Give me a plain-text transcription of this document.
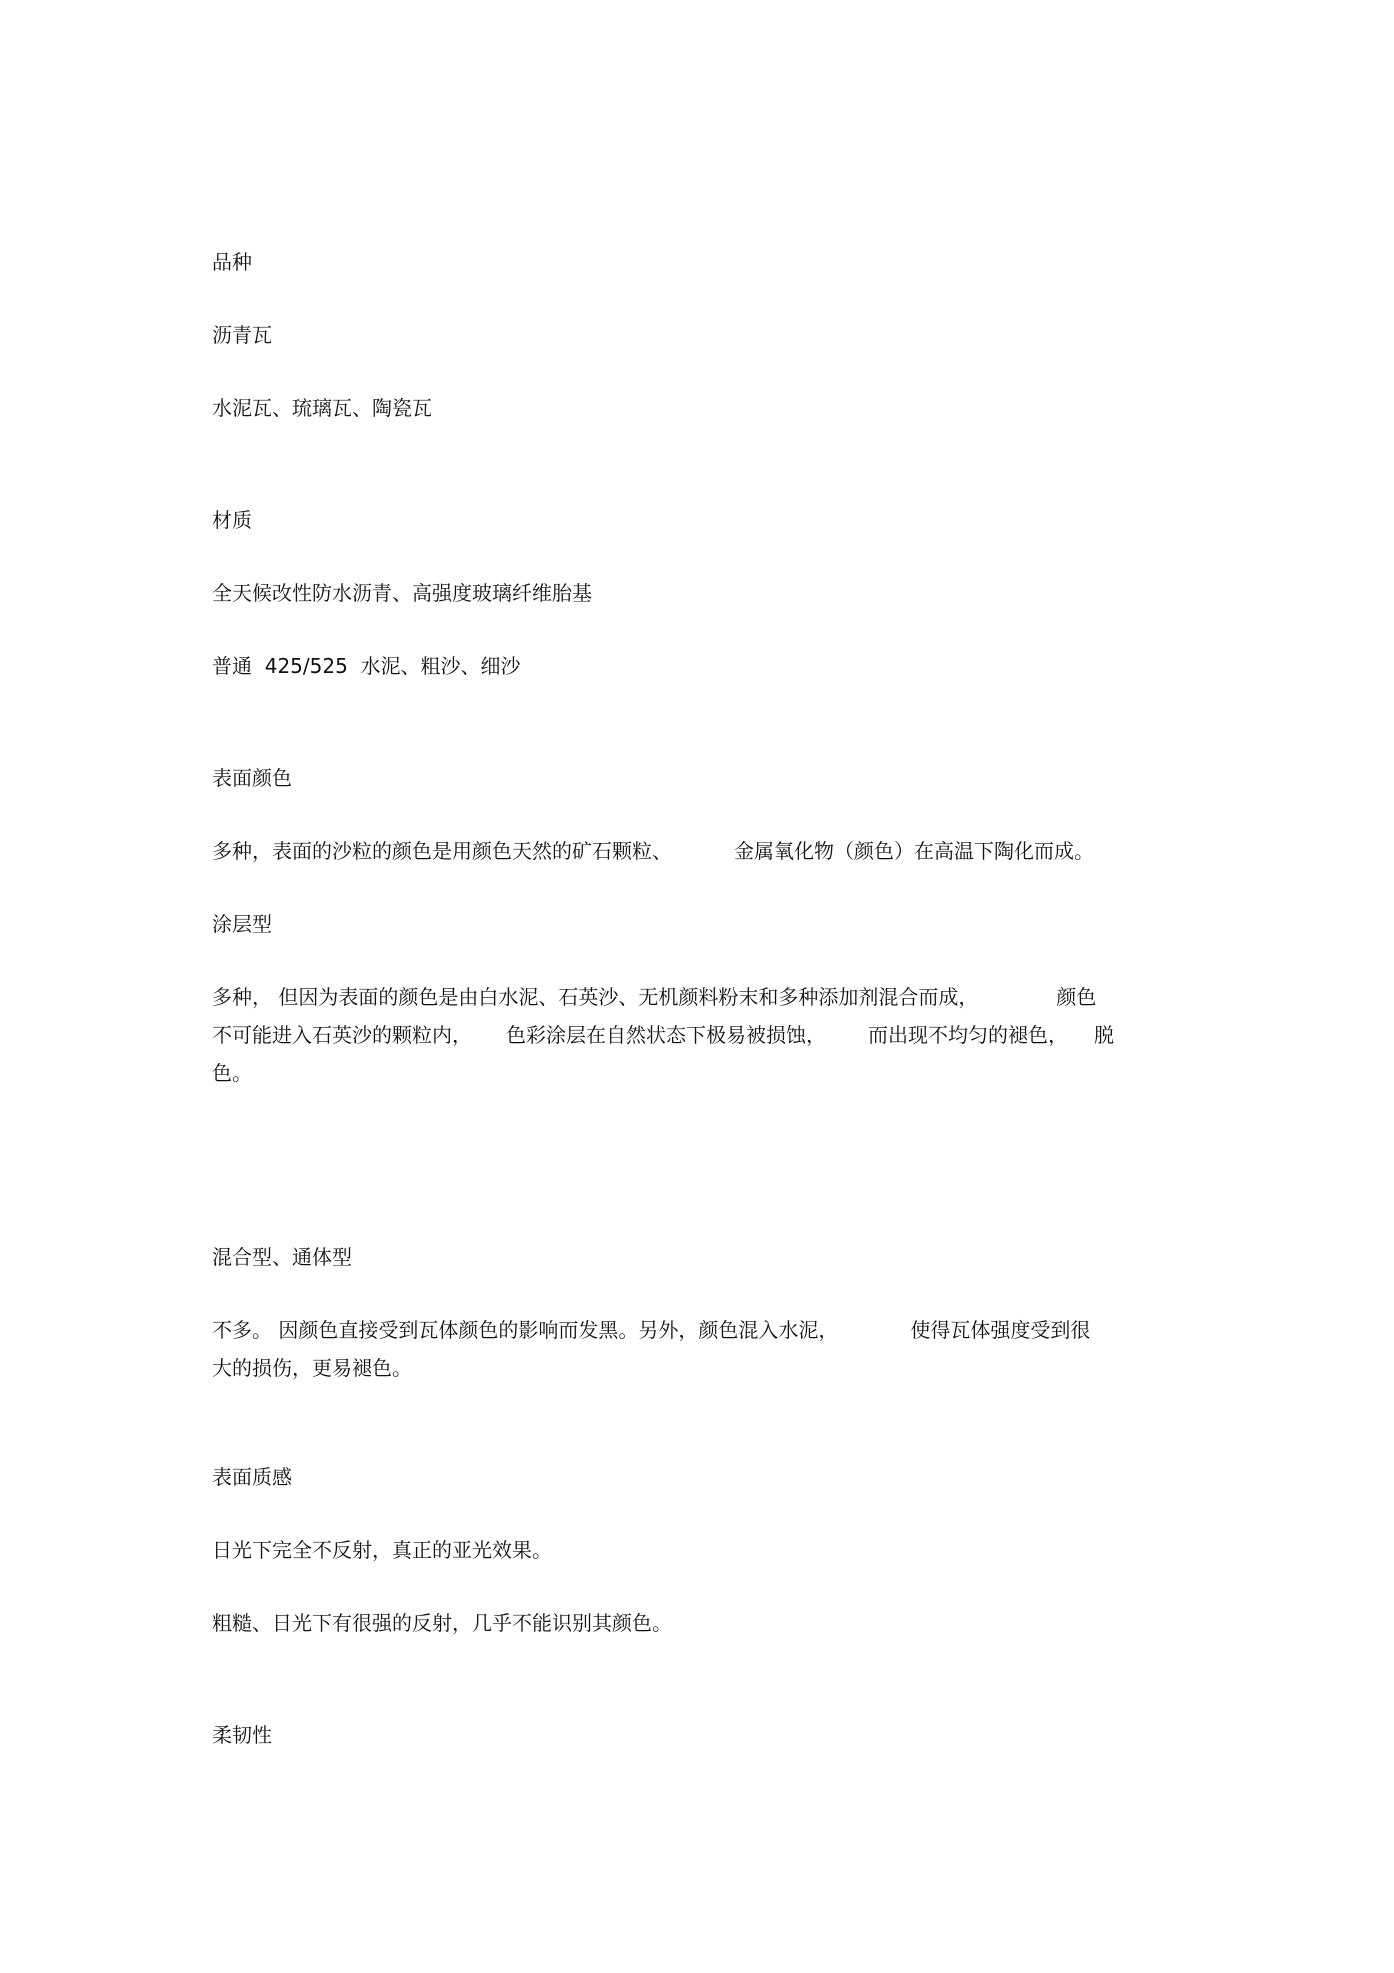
品种

沥青瓦

水泥瓦、琉璃瓦、陶瓷瓦

材质

全天候改性防水沥青、高强度玻璃纤维胎基

普通  425/525  水泥、粗沙、细沙

表面颜色

多种，表面的沙粒的颜色是用颜色天然的矿石颗粒、	金属氧化物（颜色）在高温下陶化而成。

涂层型

多种， 但因为表面的颜色是由白水泥、石英沙、无机颜料粉末和多种添加剂混合而成，	颜色
不可能进入石英沙的颗粒内， 色彩涂层在自然状态下极易被损蚀， 而出现不均匀的褪色， 脱
色。

混合型、通体型

不多。 因颜色直接受到瓦体颜色的影响而发黑。另外，颜色混入水泥，	使得瓦体强度受到很
大的损伤，更易褪色。

表面质感

日光下完全不反射，真正的亚光效果。

粗糙、日光下有很强的反射，几乎不能识别其颜色。

柔韧性
